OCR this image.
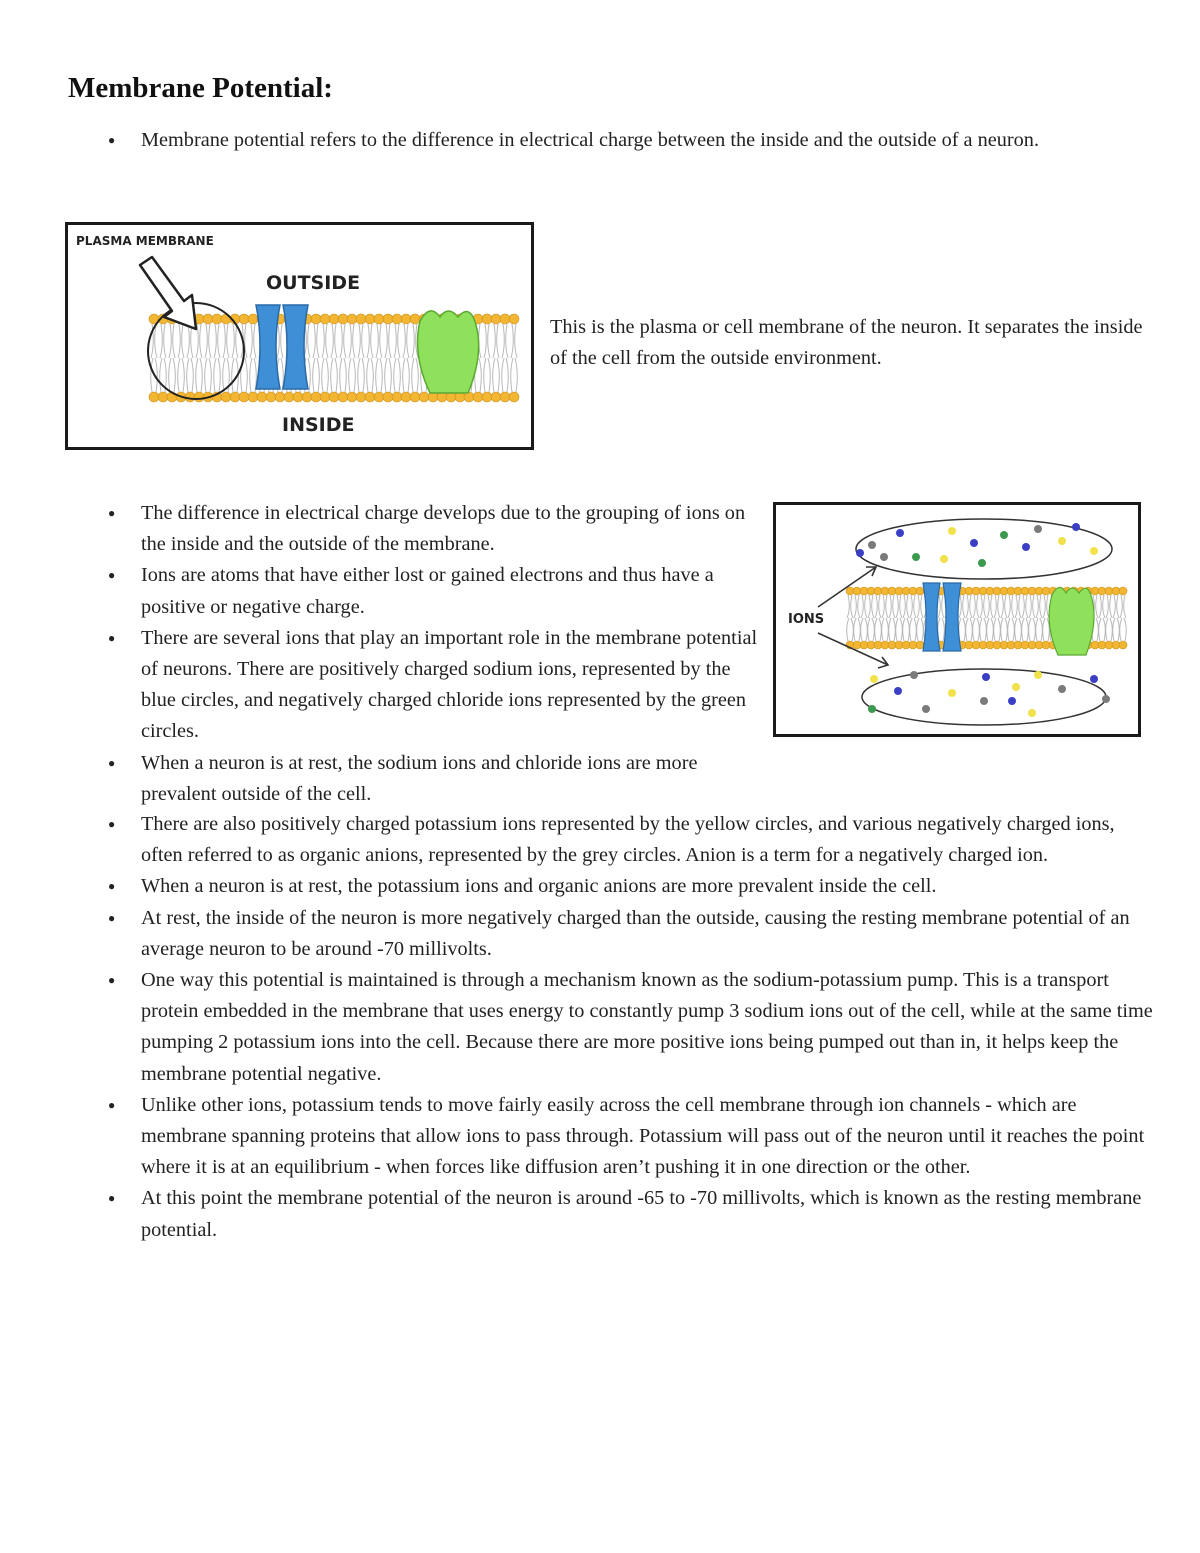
Membrane Potential:
● Membrane potential refers to the difference in electrical charge between the inside and the outside of a neuron.
PLASMA MEMBRANE
OUTSIDE
INSIDE

This is the plasma or cell membrane of the neuron. It separates the inside of the cell from the outside environment.

● The difference in electrical charge develops due to the grouping of ions on the inside and the outside of the membrane.
● Ions are atoms that have either lost or gained electrons and thus have a positive or negative charge.
● There are several ions that play an important role in the membrane potential of neurons. There are positively charged sodium ions, represented by the blue circles, and negatively charged chloride ions represented by the green circles.
● When a neuron is at rest, the sodium ions and chloride ions are more prevalent outside of the cell.
IONS
● There are also positively charged potassium ions represented by the yellow circles, and various negatively charged ions, often referred to as organic anions, represented by the grey circles. Anion is a term for a negatively charged ion.
● When a neuron is at rest, the potassium ions and organic anions are more prevalent inside the cell.
● At rest, the inside of the neuron is more negatively charged than the outside, causing the resting membrane potential of an average neuron to be around -70 millivolts.
● One way this potential is maintained is through a mechanism known as the sodium-potassium pump. This is a transport protein embedded in the membrane that uses energy to constantly pump 3 sodium ions out of the cell, while at the same time pumping 2 potassium ions into the cell. Because there are more positive ions being pumped out than in, it helps keep the membrane potential negative.
● Unlike other ions, potassium tends to move fairly easily across the cell membrane through ion channels - which are membrane spanning proteins that allow ions to pass through. Potassium will pass out of the neuron until it reaches the point where it is at an equilibrium - when forces like diffusion aren’t pushing it in one direction or the other.
● At this point the membrane potential of the neuron is around -65 to -70 millivolts, which is known as the resting membrane potential.
